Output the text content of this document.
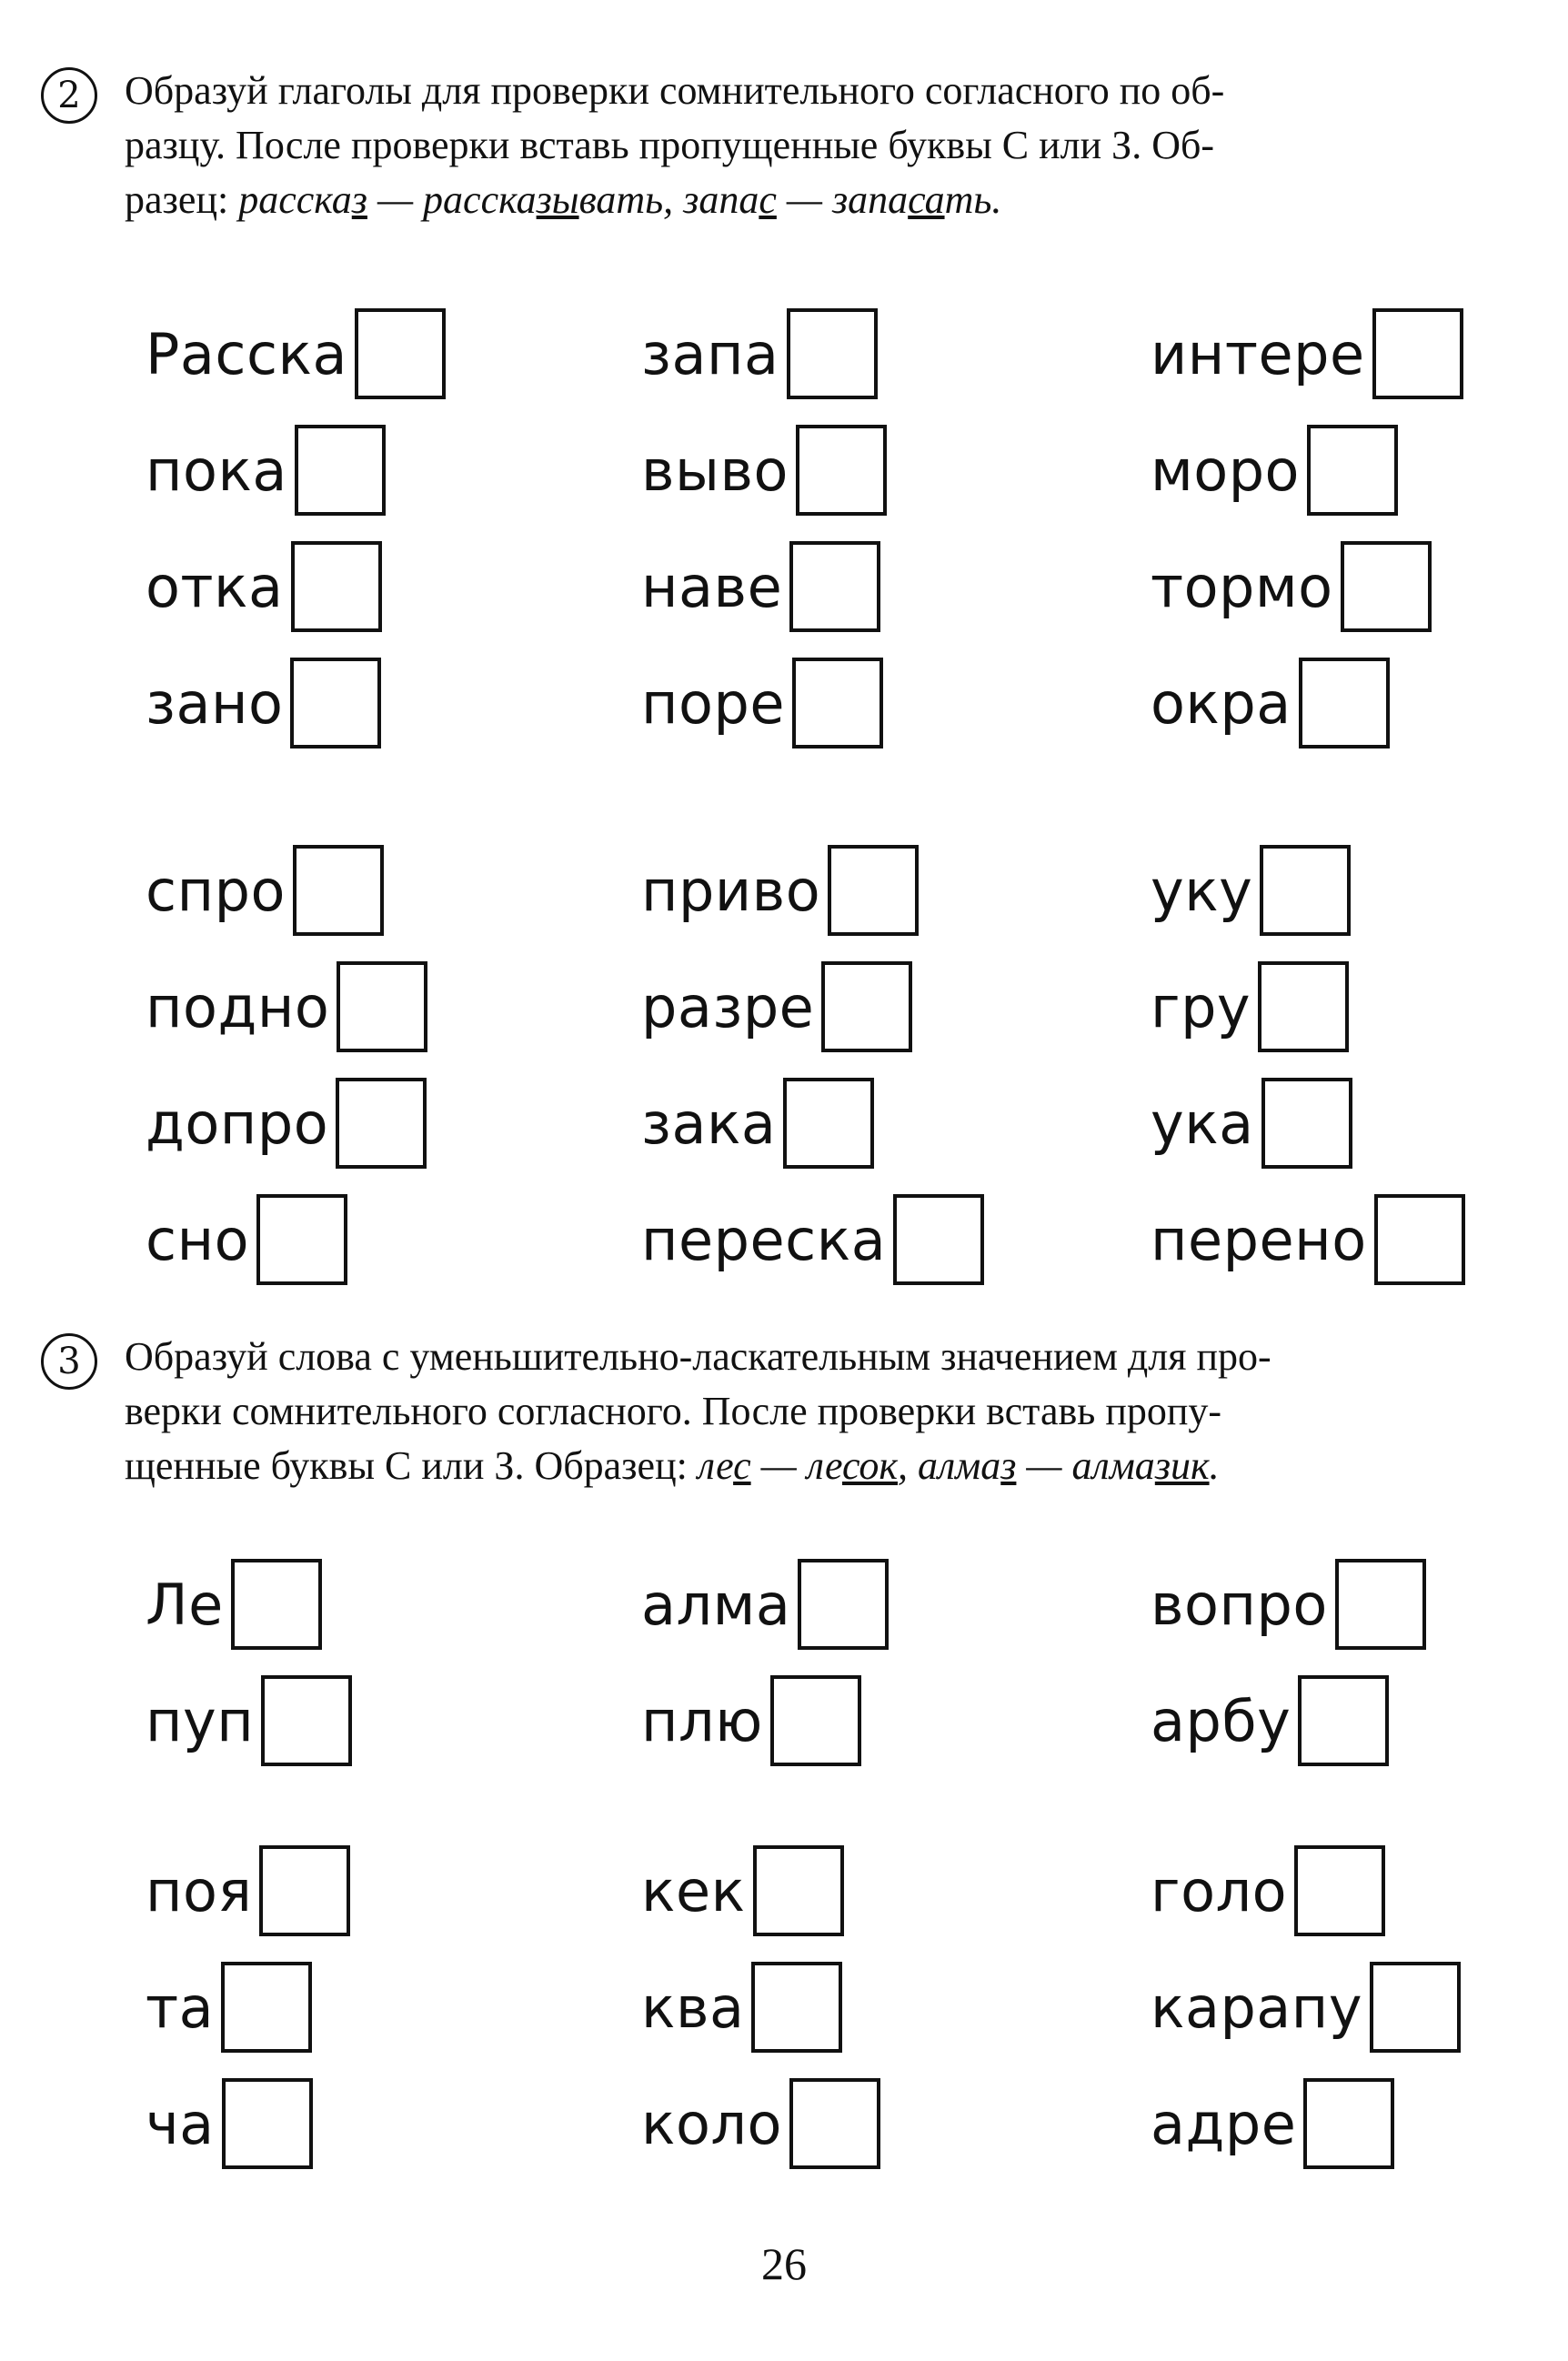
2	Образуй глаголы для проверки сомнительного согласного по об-
разцу. После проверки вставь пропущенные буквы С или З. Об-
разец: рассказ — рассказывать, запас — запасать.
Расска
пока
отка
зано
запа
выво
наве
поре
интере
моро
тормо
окра
спро
подно
допро
сно
приво
разре
зака
переска
уку
гру
ука
перено
3	Образуй слова с уменьшительно-ласкательным значением для про-
верки сомнительного согласного. После проверки вставь пропу-
щенные буквы С или З. Образец: лес — лесок, алмаз — алмазик.
Ле
пуп
алма
плю
вопро
арбу
поя
та
ча
кек
ква
коло
голо
карапу
адре
26
